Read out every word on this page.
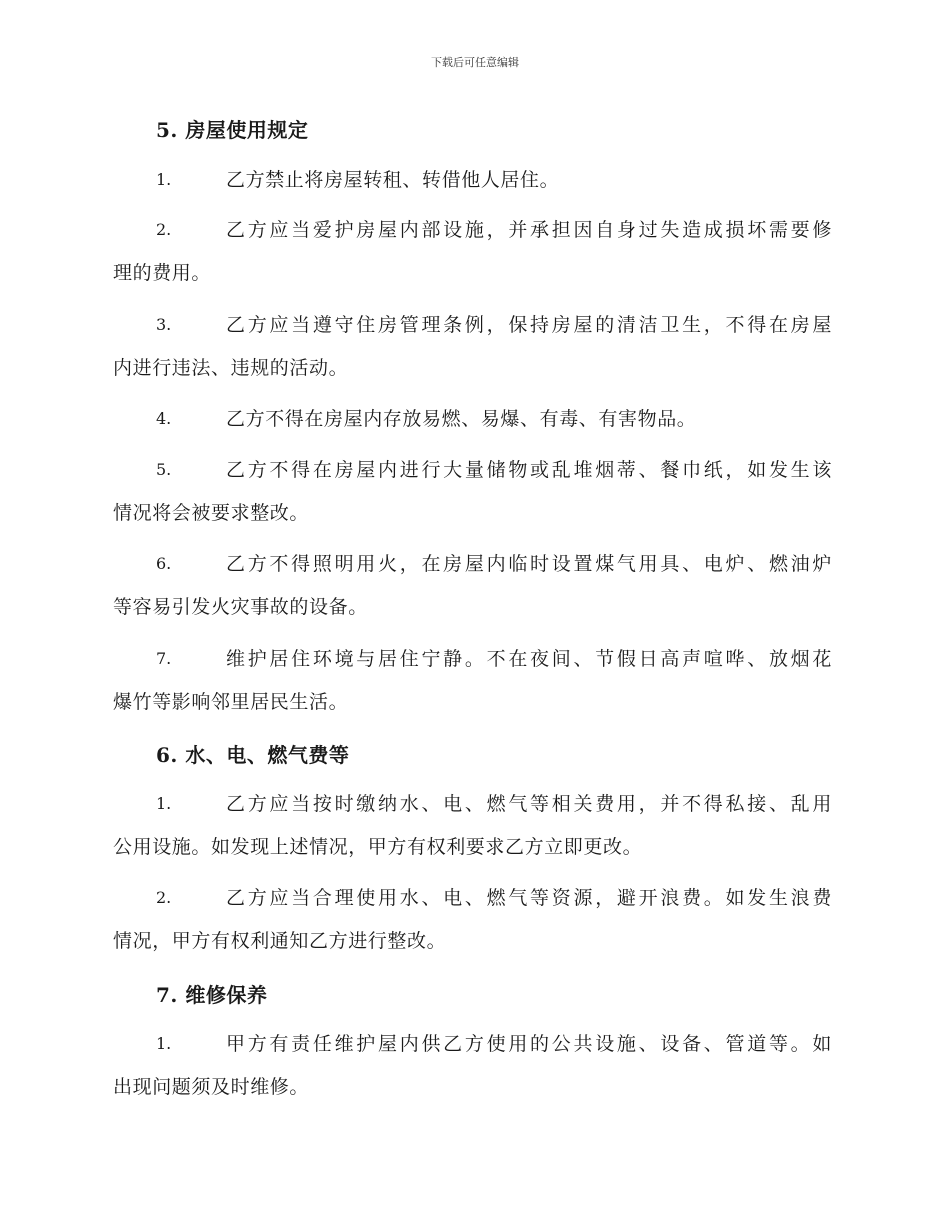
下载后可任意编辑
5. 房屋使用规定
1.	乙方禁止将房屋转租、转借他人居住。
2.	乙方应当爱护房屋内部设施，并承担因自身过失造成损坏需要修
理的费用。
3.	乙方应当遵守住房管理条例，保持房屋的清洁卫生，不得在房屋
内进行违法、违规的活动。
4.	乙方不得在房屋内存放易燃、易爆、有毒、有害物品。
5.	乙方不得在房屋内进行大量储物或乱堆烟蒂、餐巾纸，如发生该
情况将会被要求整改。
6.	乙方不得照明用火，在房屋内临时设置煤气用具、电炉、燃油炉
等容易引发火灾事故的设备。
7.	维护居住环境与居住宁静。不在夜间、节假日高声喧哗、放烟花
爆竹等影响邻里居民生活。
6. 水、电、燃气费等
1.	乙方应当按时缴纳水、电、燃气等相关费用，并不得私接、乱用
公用设施。如发现上述情况，甲方有权利要求乙方立即更改。
2.	乙方应当合理使用水、电、燃气等资源，避开浪费。如发生浪费
情况，甲方有权利通知乙方进行整改。
7. 维修保养
1.	甲方有责任维护屋内供乙方使用的公共设施、设备、管道等。如
出现问题须及时维修。
